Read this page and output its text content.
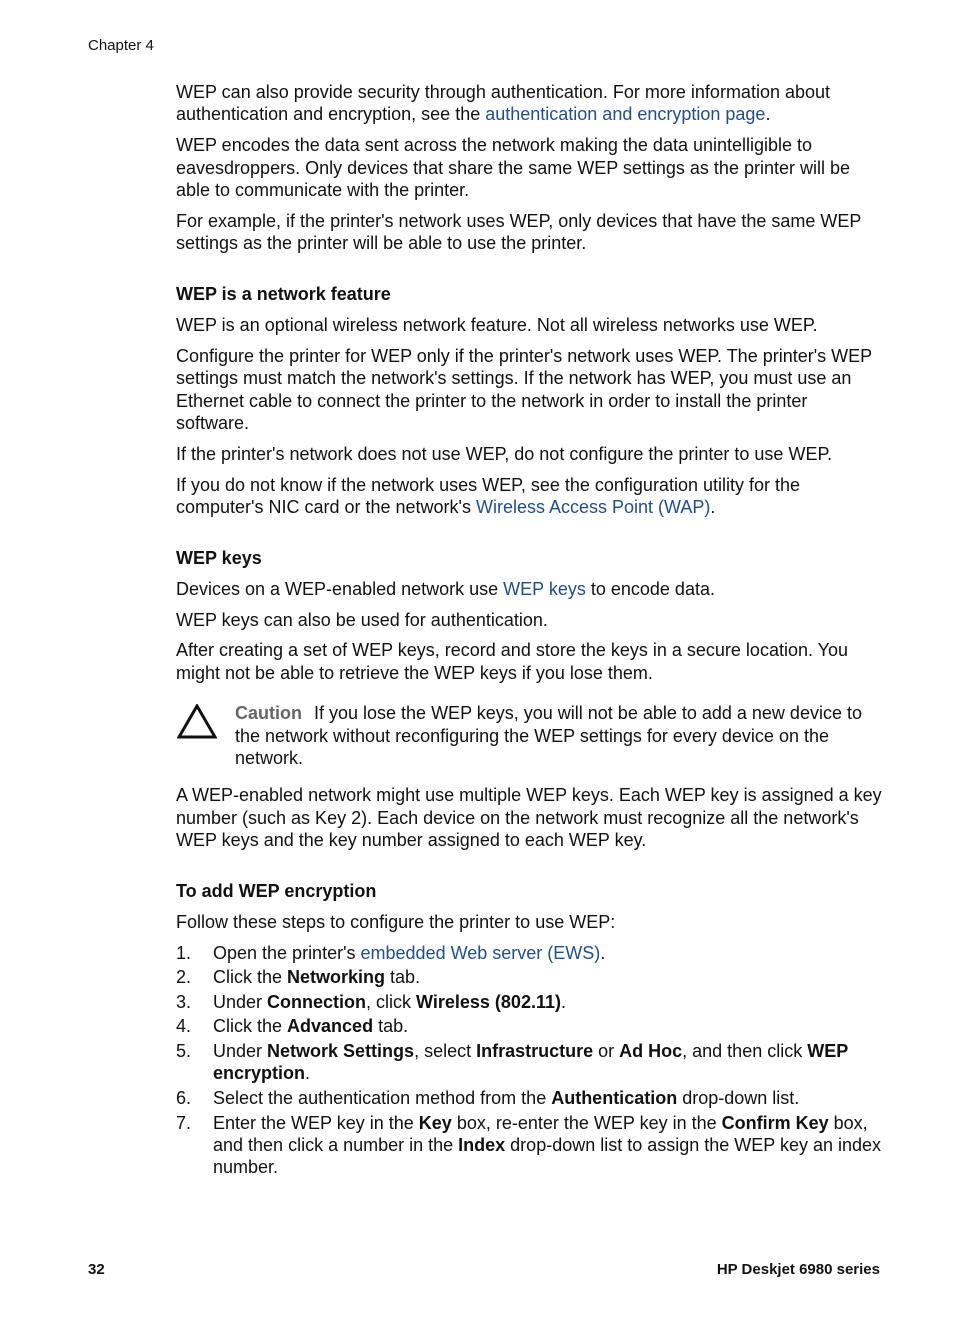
Chapter 4

WEP can also provide security through authentication. For more information about authentication and encryption, see the authentication and encryption page.

WEP encodes the data sent across the network making the data unintelligible to eavesdroppers. Only devices that share the same WEP settings as the printer will be able to communicate with the printer.

For example, if the printer's network uses WEP, only devices that have the same WEP settings as the printer will be able to use the printer.

WEP is a network feature

WEP is an optional wireless network feature. Not all wireless networks use WEP.

Configure the printer for WEP only if the printer's network uses WEP. The printer's WEP settings must match the network's settings. If the network has WEP, you must use an Ethernet cable to connect the printer to the network in order to install the printer software.

If the printer's network does not use WEP, do not configure the printer to use WEP.

If you do not know if the network uses WEP, see the configuration utility for the computer's NIC card or the network's Wireless Access Point (WAP).

WEP keys

Devices on a WEP-enabled network use WEP keys to encode data.

WEP keys can also be used for authentication.

After creating a set of WEP keys, record and store the keys in a secure location. You might not be able to retrieve the WEP keys if you lose them.

Caution If you lose the WEP keys, you will not be able to add a new device to the network without reconfiguring the WEP settings for every device on the network.

A WEP-enabled network might use multiple WEP keys. Each WEP key is assigned a key number (such as Key 2). Each device on the network must recognize all the network's WEP keys and the key number assigned to each WEP key.

To add WEP encryption

Follow these steps to configure the printer to use WEP:

1. Open the printer's embedded Web server (EWS).
2. Click the Networking tab.
3. Under Connection, click Wireless (802.11).
4. Click the Advanced tab.
5. Under Network Settings, select Infrastructure or Ad Hoc, and then click WEP encryption.
6. Select the authentication method from the Authentication drop-down list.
7. Enter the WEP key in the Key box, re-enter the WEP key in the Confirm Key box, and then click a number in the Index drop-down list to assign the WEP key an index number.
32	HP Deskjet 6980 series
